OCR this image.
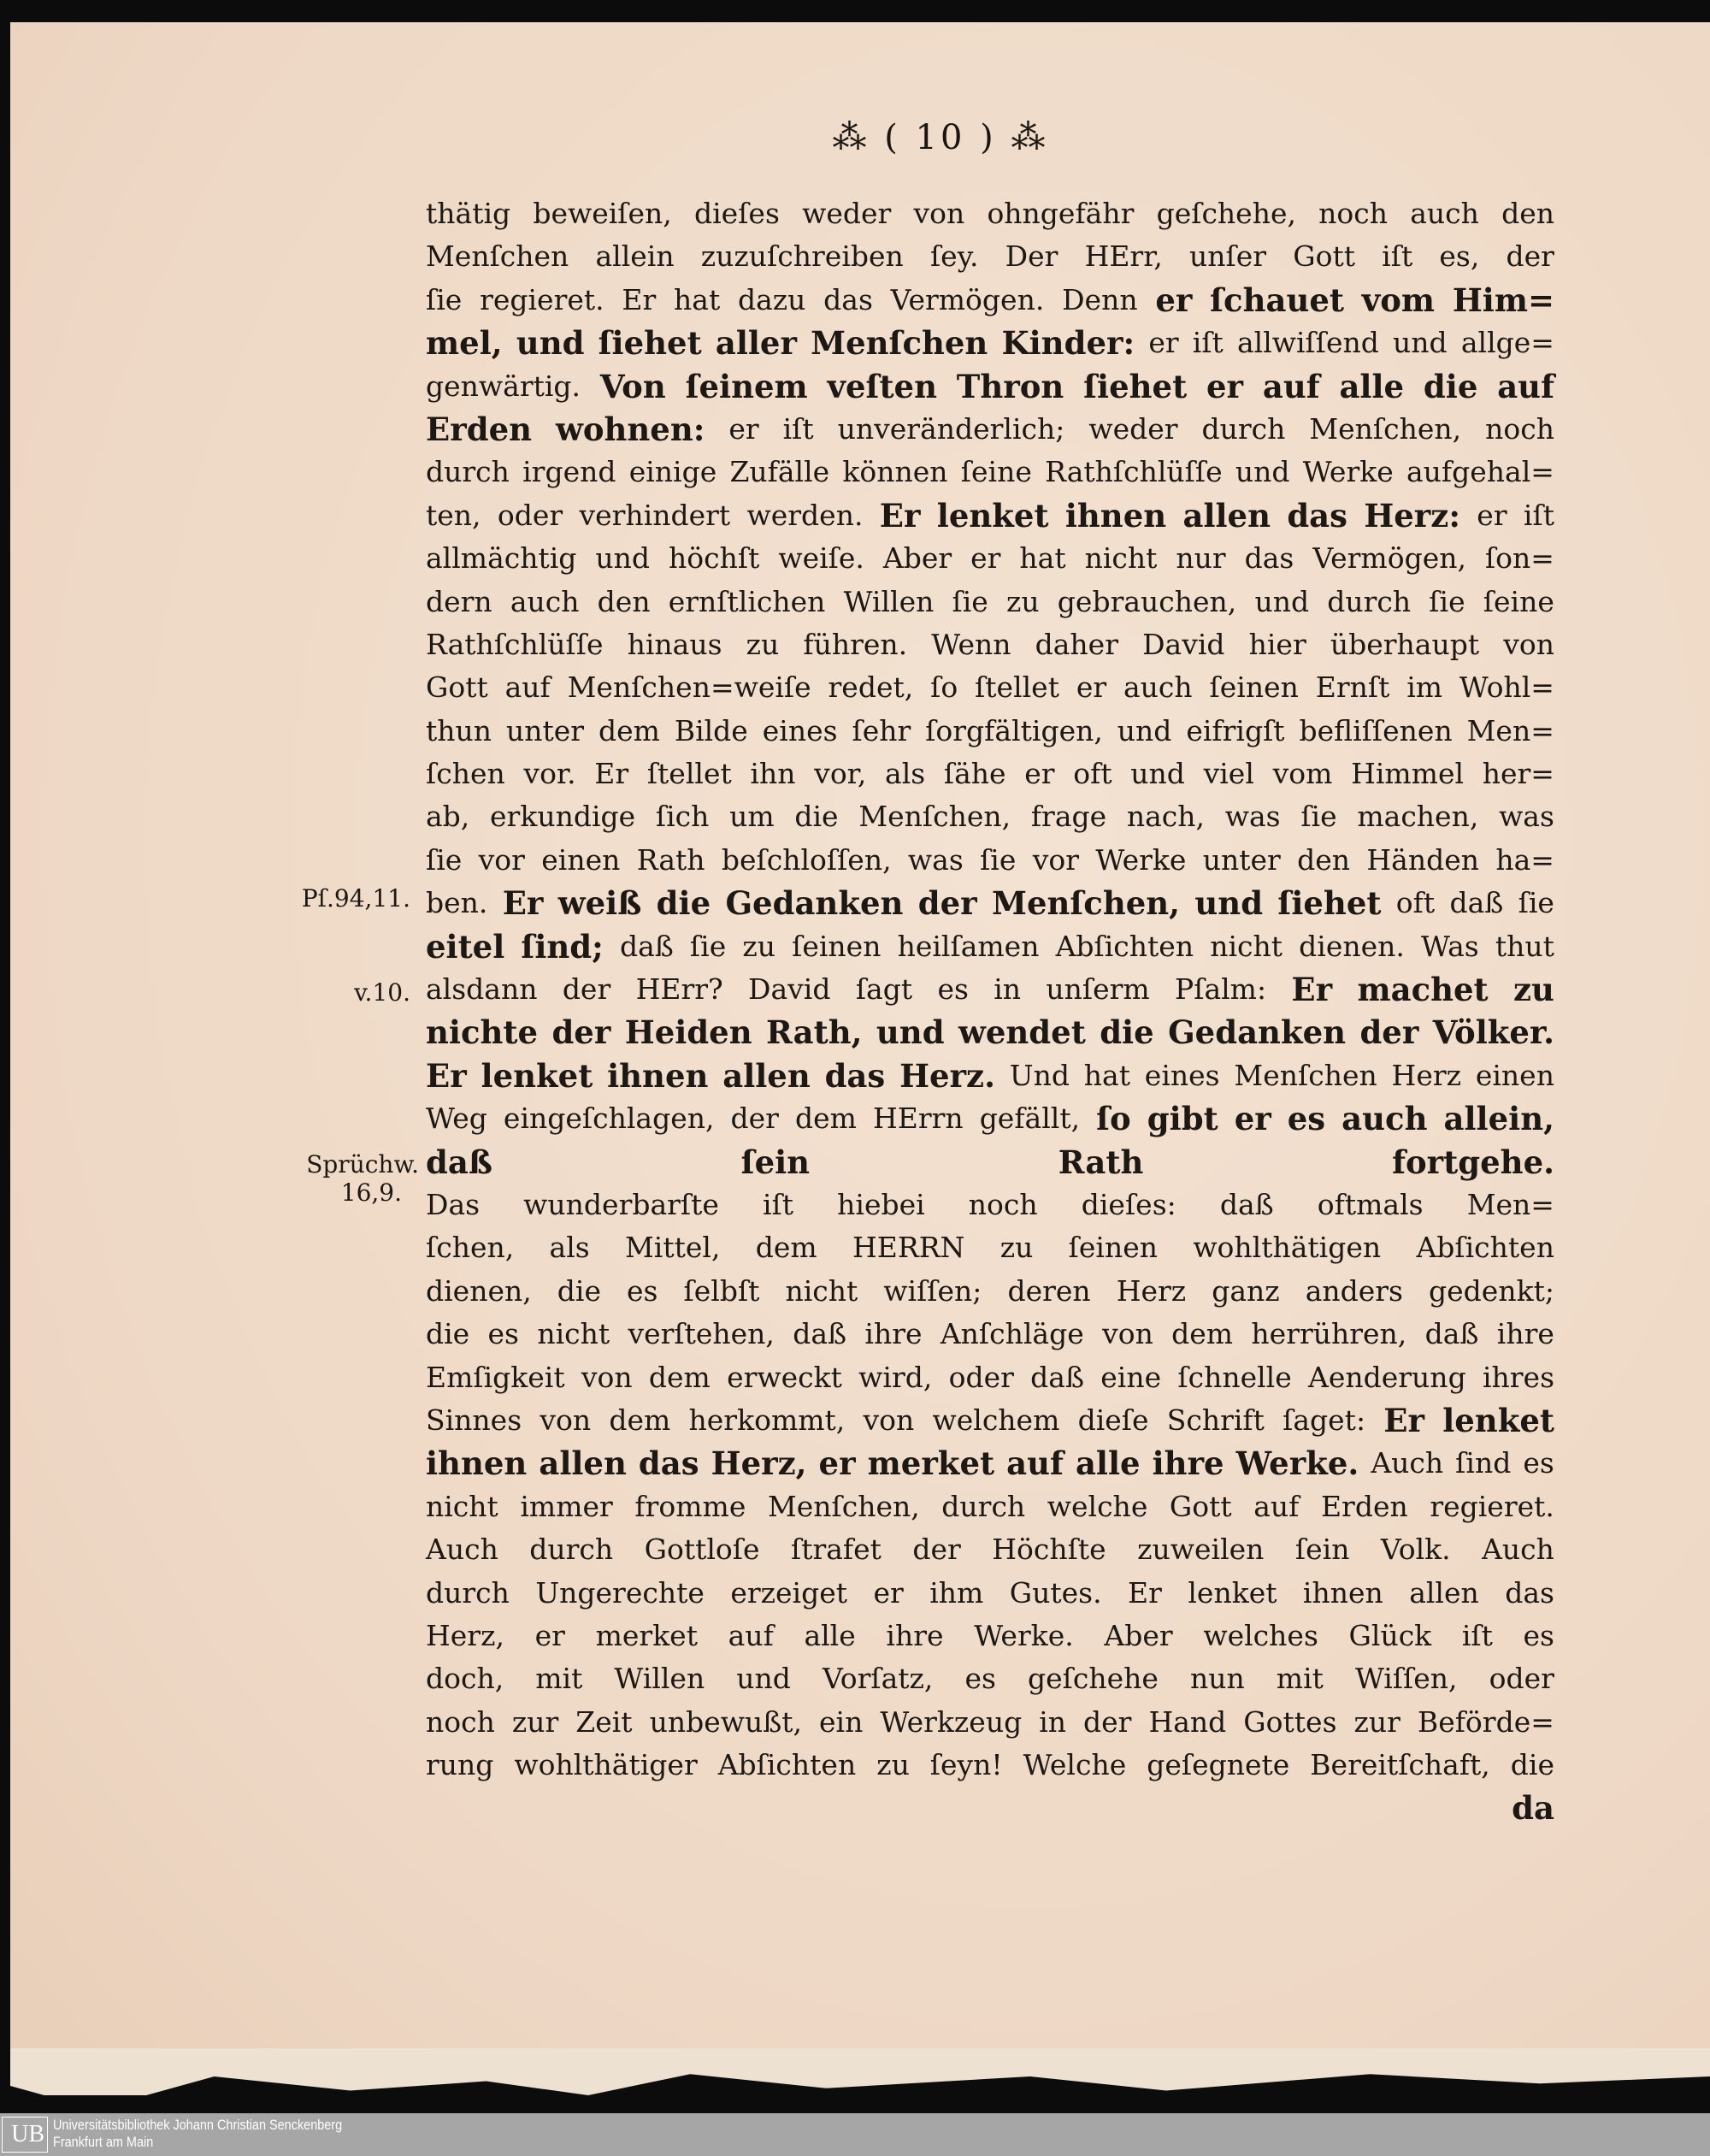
⁂ ( 10 ) ⁂
Pſ.94,11.
v.10.
Sprüchw.
16,9.
thätig beweiſen, dieſes weder von ohngefähr geſchehe, noch auch den
Menſchen allein zuzuſchreiben ſey. Der HErr, unſer Gott iſt es, der
ſie regieret. Er hat dazu das Vermögen. Denn er ſchauet vom Him=
mel, und ſiehet aller Menſchen Kinder: er iſt allwiſſend und allge=
genwärtig. Von ſeinem veſten Thron ſiehet er auf alle die auf
Erden wohnen: er iſt unveränderlich; weder durch Menſchen, noch
durch irgend einige Zufälle können ſeine Rathſchlüſſe und Werke aufgehal=
ten, oder verhindert werden. Er lenket ihnen allen das Herz: er iſt
allmächtig und höchſt weiſe. Aber er hat nicht nur das Vermögen, ſon=
dern auch den ernſtlichen Willen ſie zu gebrauchen, und durch ſie ſeine
Rathſchlüſſe hinaus zu führen. Wenn daher David hier überhaupt von
Gott auf Menſchen=weiſe redet, ſo ſtellet er auch ſeinen Ernſt im Wohl=
thun unter dem Bilde eines ſehr ſorgfältigen, und eifrigſt befliſſenen Men=
ſchen vor. Er ſtellet ihn vor, als ſähe er oft und viel vom Himmel her=
ab, erkundige ſich um die Menſchen, frage nach, was ſie machen, was
ſie vor einen Rath beſchloſſen, was ſie vor Werke unter den Händen ha=
ben. Er weiß die Gedanken der Menſchen, und ſiehet oft daß ſie
eitel ſind; daß ſie zu ſeinen heilſamen Abſichten nicht dienen. Was thut
alsdann der HErr? David ſagt es in unſerm Pſalm: Er machet zu
nichte der Heiden Rath, und wendet die Gedanken der Völker.
Er lenket ihnen allen das Herz. Und hat eines Menſchen Herz einen
Weg eingeſchlagen, der dem HErrn gefällt, ſo gibt er es auch allein,
daß	ſein	Rath	fortgehe.
Das wunderbarſte iſt hiebei noch dieſes: daß oftmals Men=
ſchen, als Mittel, dem HERRN zu ſeinen wohlthätigen Abſichten
dienen, die es ſelbſt nicht wiſſen; deren Herz ganz anders gedenkt;
die es nicht verſtehen, daß ihre Anſchläge von dem herrühren, daß ihre
Emſigkeit von dem erweckt wird, oder daß eine ſchnelle Aenderung ihres
Sinnes von dem herkommt, von welchem dieſe Schrift ſaget: Er lenket
ihnen allen das Herz, er merket auf alle ihre Werke. Auch ſind es
nicht immer fromme Menſchen, durch welche Gott auf Erden regieret.
Auch durch Gottloſe ſtrafet der Höchſte zuweilen ſein Volk. Auch
durch Ungerechte erzeiget er ihm Gutes. Er lenket ihnen allen das
Herz, er merket auf alle ihre Werke. Aber welches Glück iſt es
doch, mit Willen und Vorſatz, es geſchehe nun mit Wiſſen, oder
noch zur Zeit unbewußt, ein Werkzeug in der Hand Gottes zur Beförde=
rung wohlthätiger Abſichten zu ſeyn! Welche geſegnete Bereitſchaft, die
da
UB Universitätsbibliothek Johann Christian Senckenberg
Frankfurt am Main
